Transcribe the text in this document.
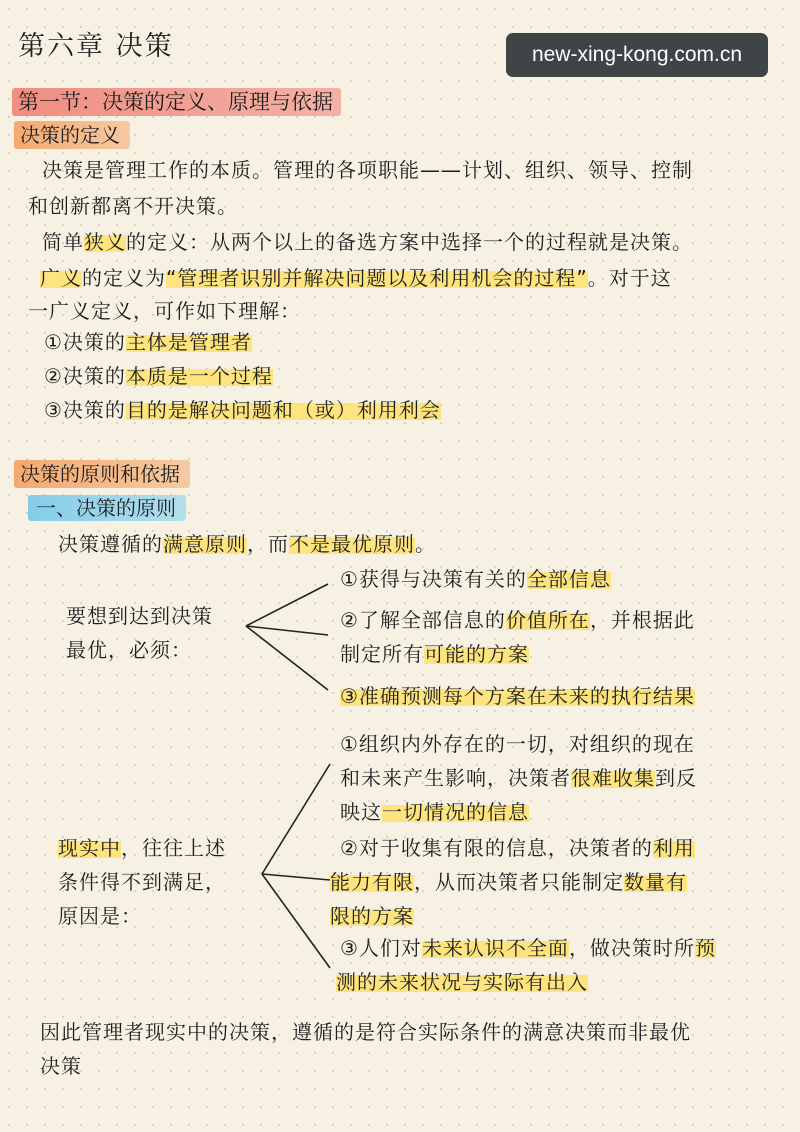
第六章 决策	new-xing-kong.com.cn
第一节：决策的定义、原理与依据
决策的定义
决策是管理工作的本质。管理的各项职能——计划、组织、领导、控制
和创新都离不开决策。
简单狭义的定义：从两个以上的备选方案中选择一个的过程就是决策。
广义的定义为“管理者识别并解决问题以及利用机会的过程”。对于这
一广义定义，可作如下理解：
①决策的主体是管理者
②决策的本质是一个过程
③决策的目的是解决问题和（或）利用利会
决策的原则和依据
一、决策的原则
决策遵循的满意原则，而不是最优原则。
要想到达到决策
最优，必须：
①获得与决策有关的全部信息
②了解全部信息的价值所在，并根据此
制定所有可能的方案
③准确预测每个方案在未来的执行结果
现实中，往往上述
条件得不到满足，
原因是：
①组织内外存在的一切，对组织的现在
和未来产生影响，决策者很难收集到反
映这一切情况的信息
②对于收集有限的信息，决策者的利用
能力有限，从而决策者只能制定数量有
限的方案
③人们对未来认识不全面，做决策时所预
测的未来状况与实际有出入
因此管理者现实中的决策，遵循的是符合实际条件的满意决策而非最优
决策
